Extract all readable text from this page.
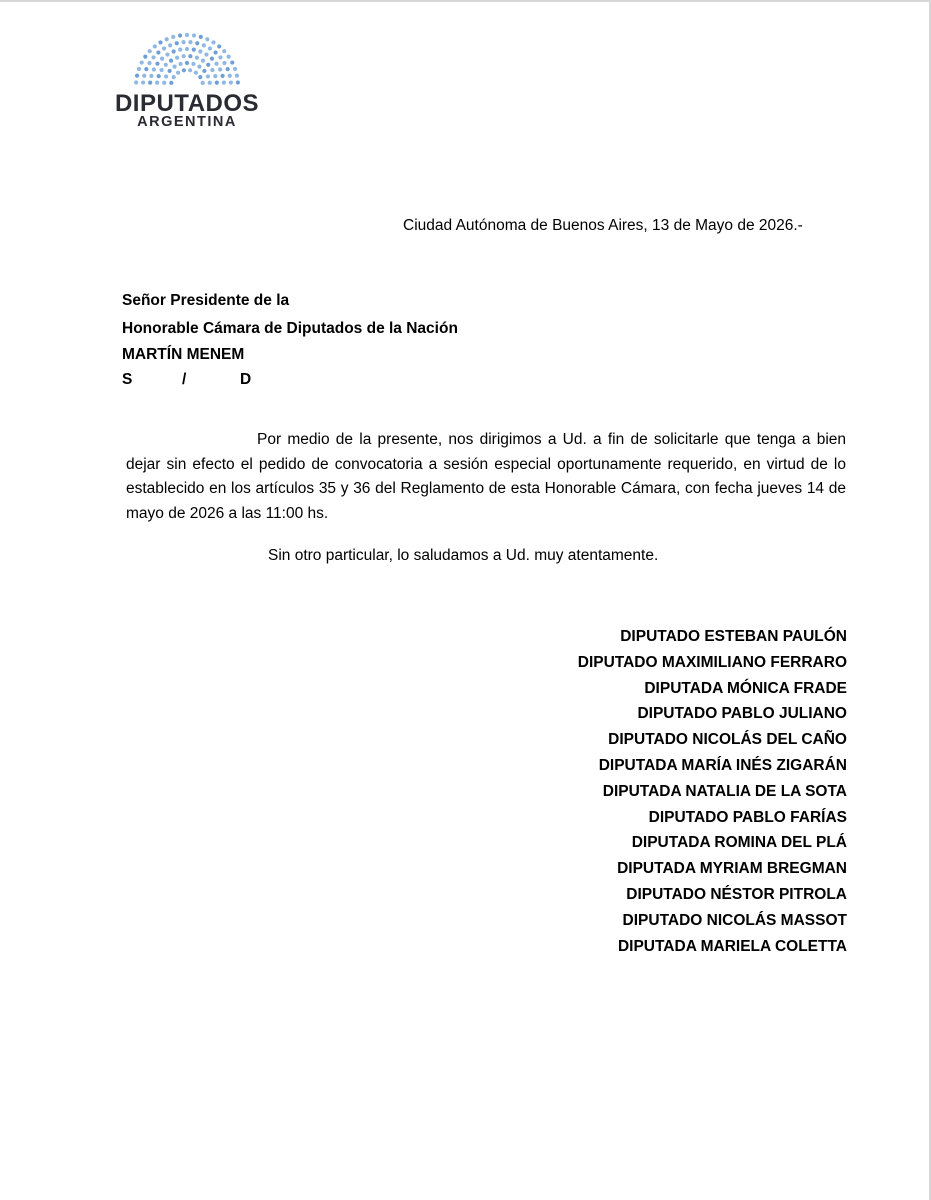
DIPUTADOS
ARGENTINA
Ciudad Autónoma de Buenos Aires, 13 de Mayo de 2026.-
Señor Presidente de la
Honorable Cámara de Diputados de la Nación
MARTÍN MENEM
S	/	D
Por medio de la presente, nos dirigimos a Ud. a fin de solicitarle que tenga a bien dejar sin efecto el pedido de convocatoria a sesión especial oportunamente requerido, en virtud de lo establecido en los artículos 35 y 36 del Reglamento de esta Honorable Cámara, con fecha jueves 14 de mayo de 2026 a las 11:00 hs.
Sin otro particular, lo saludamos a Ud. muy atentamente.
DIPUTADO ESTEBAN PAULÓN
DIPUTADO MAXIMILIANO FERRARO
DIPUTADA MÓNICA FRADE
DIPUTADO PABLO JULIANO
DIPUTADO NICOLÁS DEL CAÑO
DIPUTADA MARÍA INÉS ZIGARÁN
DIPUTADA NATALIA DE LA SOTA
DIPUTADO PABLO FARÍAS
DIPUTADA ROMINA DEL PLÁ
DIPUTADA MYRIAM BREGMAN
DIPUTADO NÉSTOR PITROLA
DIPUTADO NICOLÁS MASSOT
DIPUTADA MARIELA COLETTA
